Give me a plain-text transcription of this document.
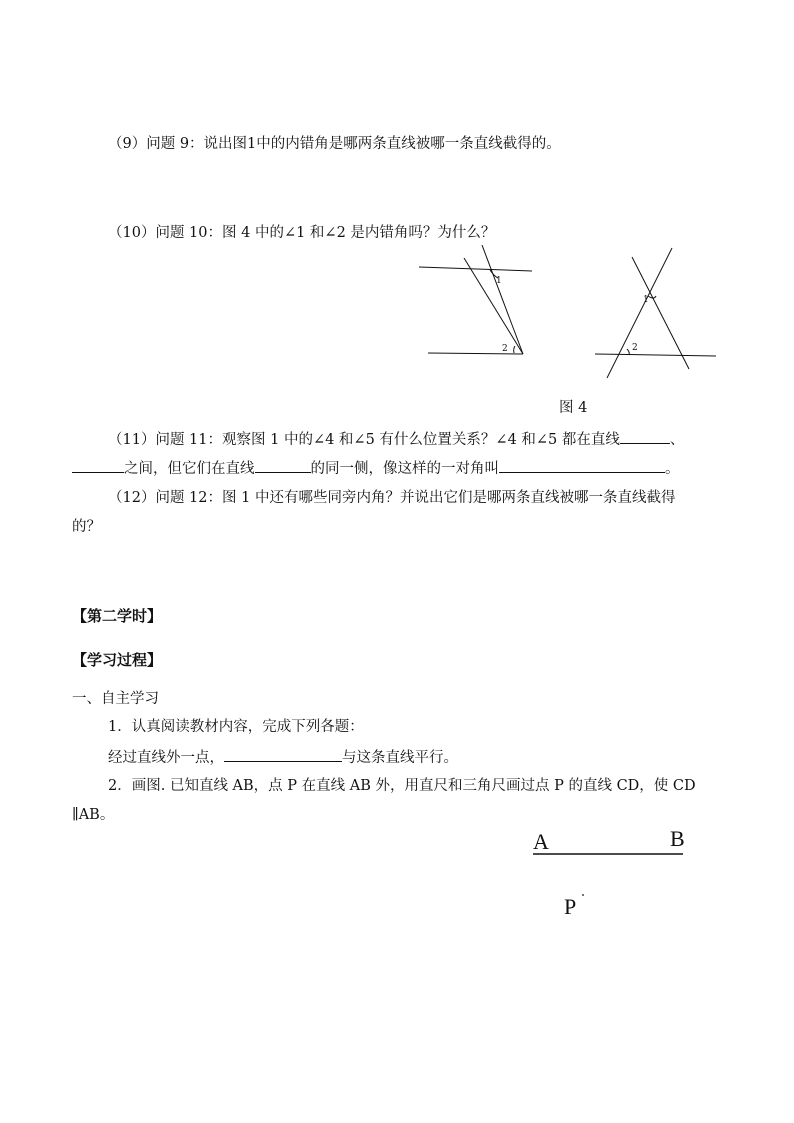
（9）问题 9：说出图1中的内错角是哪两条直线被哪一条直线截得的。
（10）问题 10：图 4 中的∠1 和∠2 是内错角吗？为什么？
1
2
1
2
图 4
（11）问题 11：观察图 1 中的∠4 和∠5 有什么位置关系？∠4 和∠5 都在直线	、
之间，但它们在直线	的同一侧，像这样的一对角叫	。
（12）问题 12：图 1 中还有哪些同旁内角？并说出它们是哪两条直线被哪一条直线截得
的？
【第二学时】
【学习过程】
一、自主学习
1．认真阅读教材内容，完成下列各题：
经过直线外一点，	与这条直线平行。
2．画图. 已知直线 AB，点 P 在直线 AB 外，用直尺和三角尺画过点 P 的直线 CD，使 CD
∥AB。
A	B
P
